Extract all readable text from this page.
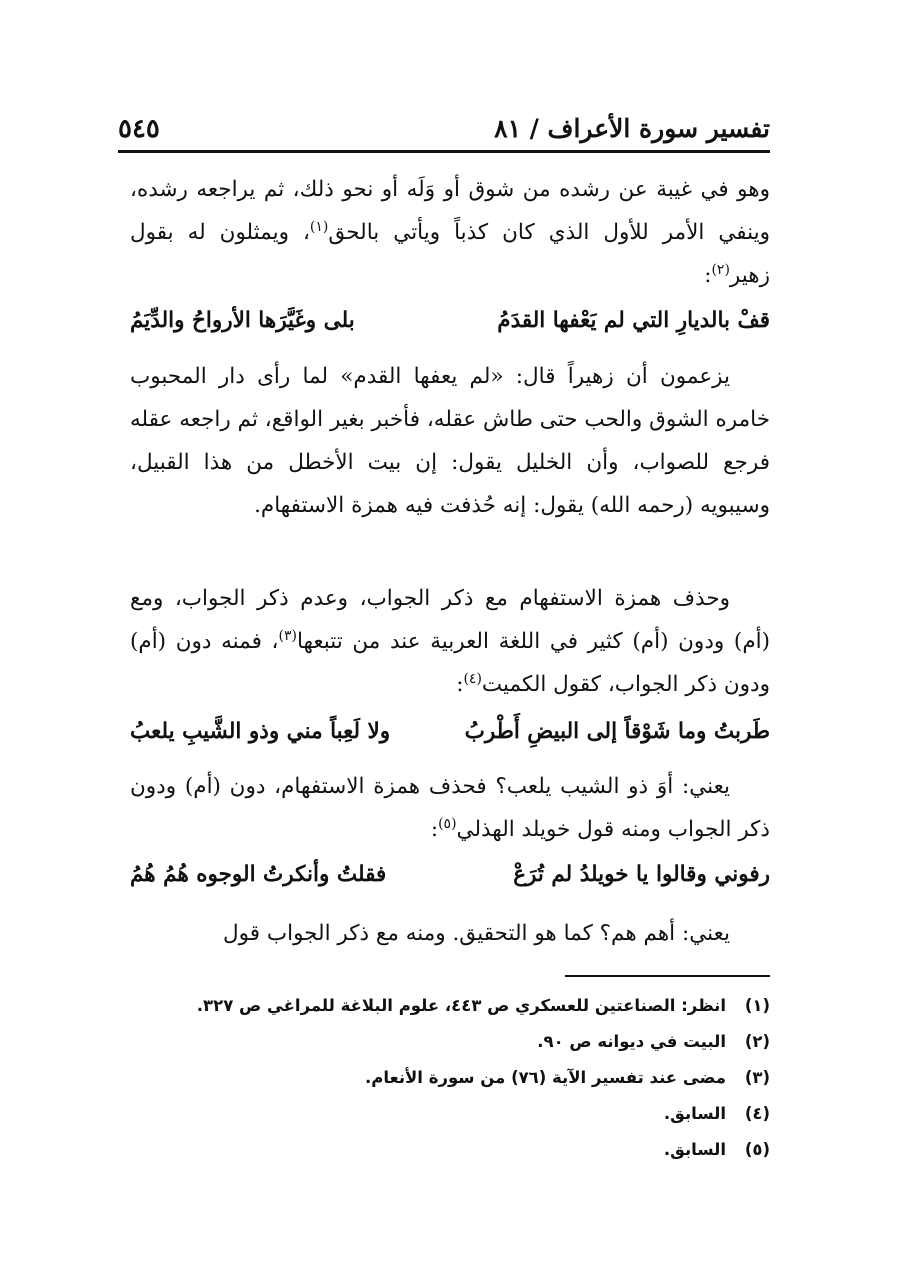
تفسير سورة الأعراف / ٨١
٥٤٥

وهو في غيبة عن رشده من شوق أو وَلَه أو نحو ذلك، ثم يراجعه رشده، وينفي الأمر للأول الذي كان كذباً ويأتي بالحق$^{(١)}$، ويمثلون له بقول زهير$^{(٢)}$:

قفْ بالديارِ التي لم يَعْفها القدَمُ
بلى وغَيَّرَها الأرواحُ والدِّيَمُ

يزعمون أن زهيراً قال: «لم يعفها القدم» لما رأى دار المحبوب خامره الشوق والحب حتى طاش عقله، فأخبر بغير الواقع، ثم راجعه عقله فرجع للصواب، وأن الخليل يقول: إن بيت الأخطل من هذا القبيل، وسيبويه (رحمه الله) يقول: إنه حُذفت فيه همزة الاستفهام.

وحذف همزة الاستفهام مع ذكر الجواب، وعدم ذكر الجواب، ومع (أم) ودون (أم) كثير في اللغة العربية عند من تتبعها$^{(٣)}$، فمنه دون (أم) ودون ذكر الجواب، كقول الكميت$^{(٤)}$:

طَربتُ وما شَوْقاً إلى البيضِ أَطْربُ
ولا لَعِباً مني وذو الشَّيبِ يلعبُ

يعني: أوَ ذو الشيب يلعب؟ فحذف همزة الاستفهام، دون (أم) ودون ذكر الجواب ومنه قول خويلد الهذلي$^{(٥)}$:

رفوني وقالوا يا خويلدُ لم تُرَعْ
فقلتُ وأنكرتُ الوجوه هُمُ هُمُ

يعني: أهم هم؟ كما هو التحقيق. ومنه مع ذكر الجواب قول

(١)انظر: الصناعتين للعسكري ص ٤٤٣، علوم البلاغة للمراغي ص ٣٢٧.
(٢)البيت في ديوانه ص ٩٠.
(٣)مضى عند تفسير الآية (٧٦) من سورة الأنعام.
(٤)السابق.
(٥)السابق.
